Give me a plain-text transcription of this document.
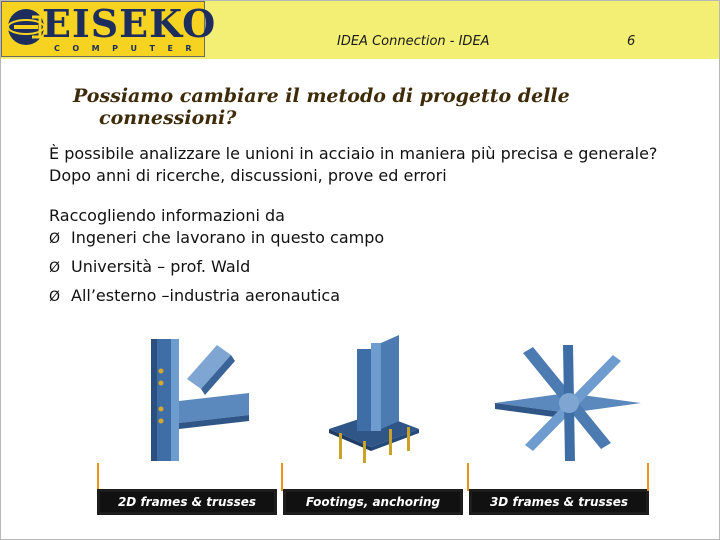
EISEKO
COMPUTER	IDEA Connection - IDEA	6
Possiamo cambiare il metodo di progetto delle
connessioni?

È possibile analizzare le unioni in acciaio in maniera più precisa e generale? Dopo anni di ricerche, discussioni, prove ed errori

Raccogliendo informazioni da

Ø Ingeneri che lavorano in questo campo
Ø Università – prof. Wald
Ø All’esterno –industria aeronautica
2D frames & trusses	Footings, anchoring	3D frames & trusses
